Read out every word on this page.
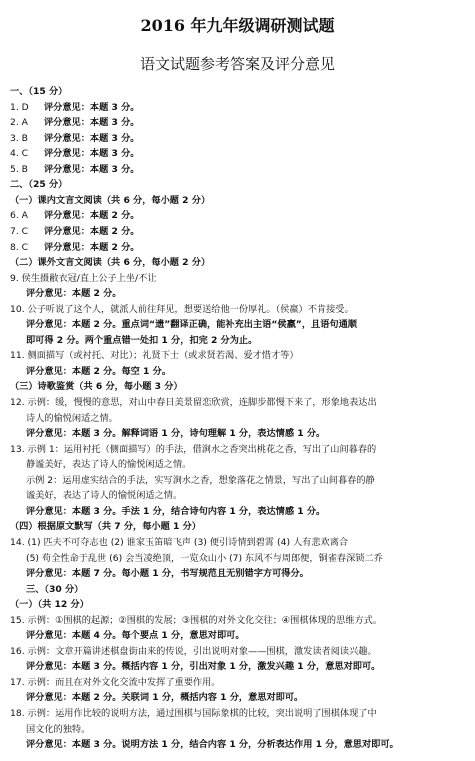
2016 年九年级调研测试题
语文试题参考答案及评分意见
一、（15 分）
1. D 评分意见：本题 3 分。
2. A 评分意见：本题 3 分。
3. B 评分意见：本题 3 分。
4. C 评分意见：本题 3 分。
5. B 评分意见：本题 3 分。
二、（25 分）
（一）课内文言文阅读（共 6 分，每小题 2 分）
6. A 评分意见：本题 2 分。
7. C 评分意见：本题 2 分。
8. C 评分意见：本题 2 分。
（二）课外文言文阅读（共 6 分，每小题 2 分）
9. 侯生摄敝衣冠/直上公子上坐/不让
评分意见：本题 2 分。
10. 公子听说了这个人，就派人前往拜见，想要送给他一份厚礼。（侯嬴）不肯接受。
评分意见：本题 2 分。重点词“遗”翻译正确，能补充出主语“侯嬴”，且语句通顺
即可得 2 分。两个重点错一处扣 1 分，扣完 2 分为止。
11. 侧面描写（或衬托、对比）；礼贤下士（或求贤若渴、爱才惜才等）
评分意见：本题 2 分。每空 1 分。
（三）诗歌鉴赏（共 6 分，每小题 3 分）
12. 示例：缓，慢慢的意思，对山中春日美景留恋欣赏，连脚步都慢下来了，形象地表达出
诗人的愉悦闲适之情。
评分意见：本题 3 分。解释词语 1 分，诗句理解 1 分，表达情感 1 分。
13. 示例 1：运用衬托（侧面描写）的手法，借涧水之香突出桃花之香，写出了山间暮春的
静谧美好，表达了诗人的愉悦闲适之情。
示例 2：运用虚实结合的手法，实写涧水之香，想象落花之情景，写出了山间暮春的静
谧美好，表达了诗人的愉悦闲适之情。
评分意见：本题 3 分。手法 1 分，结合诗句内容 1 分，表达情感 1 分。
（四）根据原文默写（共 7 分，每小题 1 分）
14. (1) 匹夫不可夺志也 (2) 谁家玉笛暗飞声 (3) 便引诗情到碧霄 (4) 人有悲欢离合
(5) 苟全性命于乱世 (6) 会当凌绝顶，一览众山小 (7) 东风不与周郎便，铜雀春深锁二乔
评分意见：本题 7 分。每小题 1 分，书写规范且无别错字方可得分。
三、（30 分）
（一）（共 12 分）
15. 示例：①围棋的起源；②围棋的发展；③围棋的对外文化交往；④围棋体现的思维方式。
评分意见：本题 4 分。每个要点 1 分，意思对即可。
16. 示例：文章开篇讲述棋盘街由来的传说，引出说明对象——围棋，激发读者阅读兴趣。
评分意见：本题 3 分。概括内容 1 分，引出对象 1 分，激发兴趣 1 分，意思对即可。
17. 示例：而且在对外文化交流中发挥了重要作用。
评分意见：本题 2 分。关联词 1 分，概括内容 1 分，意思对即可。
18. 示例：运用作比较的说明方法，通过围棋与国际象棋的比较，突出说明了围棋体现了中
国文化的独特。
评分意见：本题 3 分。说明方法 1 分，结合内容 1 分，分析表达作用 1 分，意思对即可。
